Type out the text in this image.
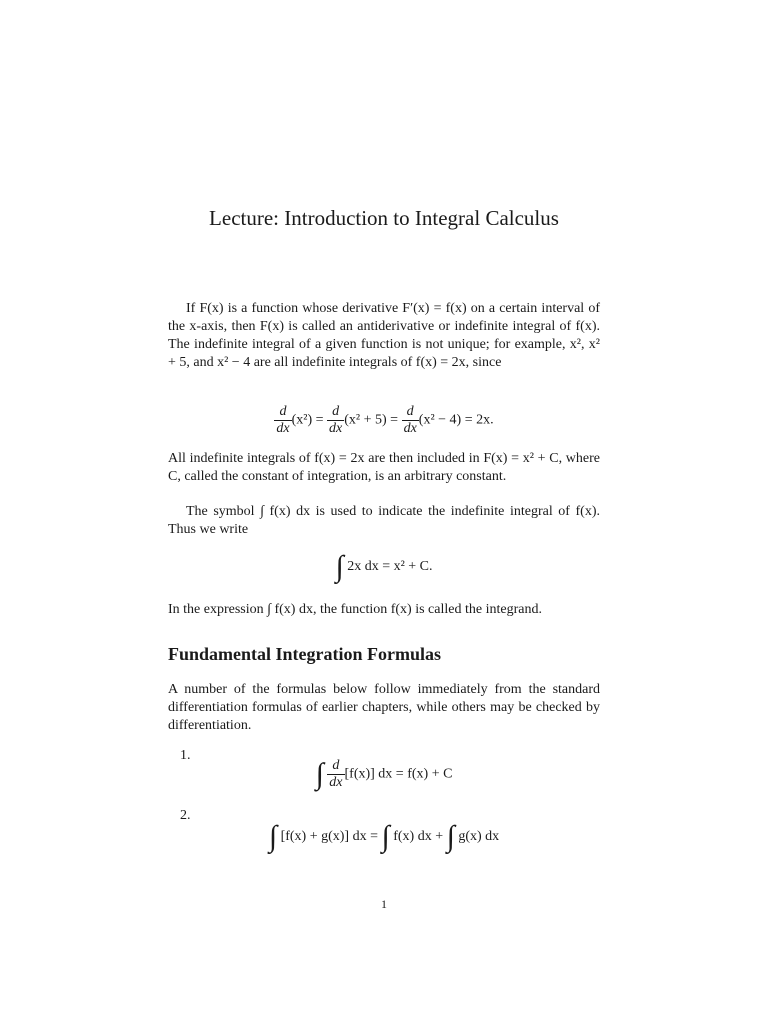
Lecture: Introduction to Integral Calculus
If F(x) is a function whose derivative F′(x) = f(x) on a certain interval of the x-axis, then F(x) is called an antiderivative or indefinite integral of f(x). The indefinite integral of a given function is not unique; for example, x², x² + 5, and x² − 4 are all indefinite integrals of f(x) = 2x, since
$\frac{d}{dx} (x^2) = \frac{d}{dx} (x^2 + 5) = \frac{d}{dx} (x^2 - 4) = 2x$.
All indefinite integrals of f(x) = 2x are then included in F(x) = x² + C, where C, called the constant of integration, is an arbitrary constant.
The symbol ∫ f(x) dx is used to indicate the indefinite integral of f(x). Thus we write
∫ 2x dx = x² + C.
In the expression ∫ f(x) dx, the function f(x) is called the integrand.
Fundamental Integration Formulas
A number of the formulas below follow immediately from the standard differentiation formulas of earlier chapters, while others may be checked by differentiation.
1.
∫ $\frac{d}{dx} [f(x)]$ dx = f(x) + C
2.
∫ [f(x) + g(x)] dx = ∫ f(x) dx + ∫ g(x) dx
1
